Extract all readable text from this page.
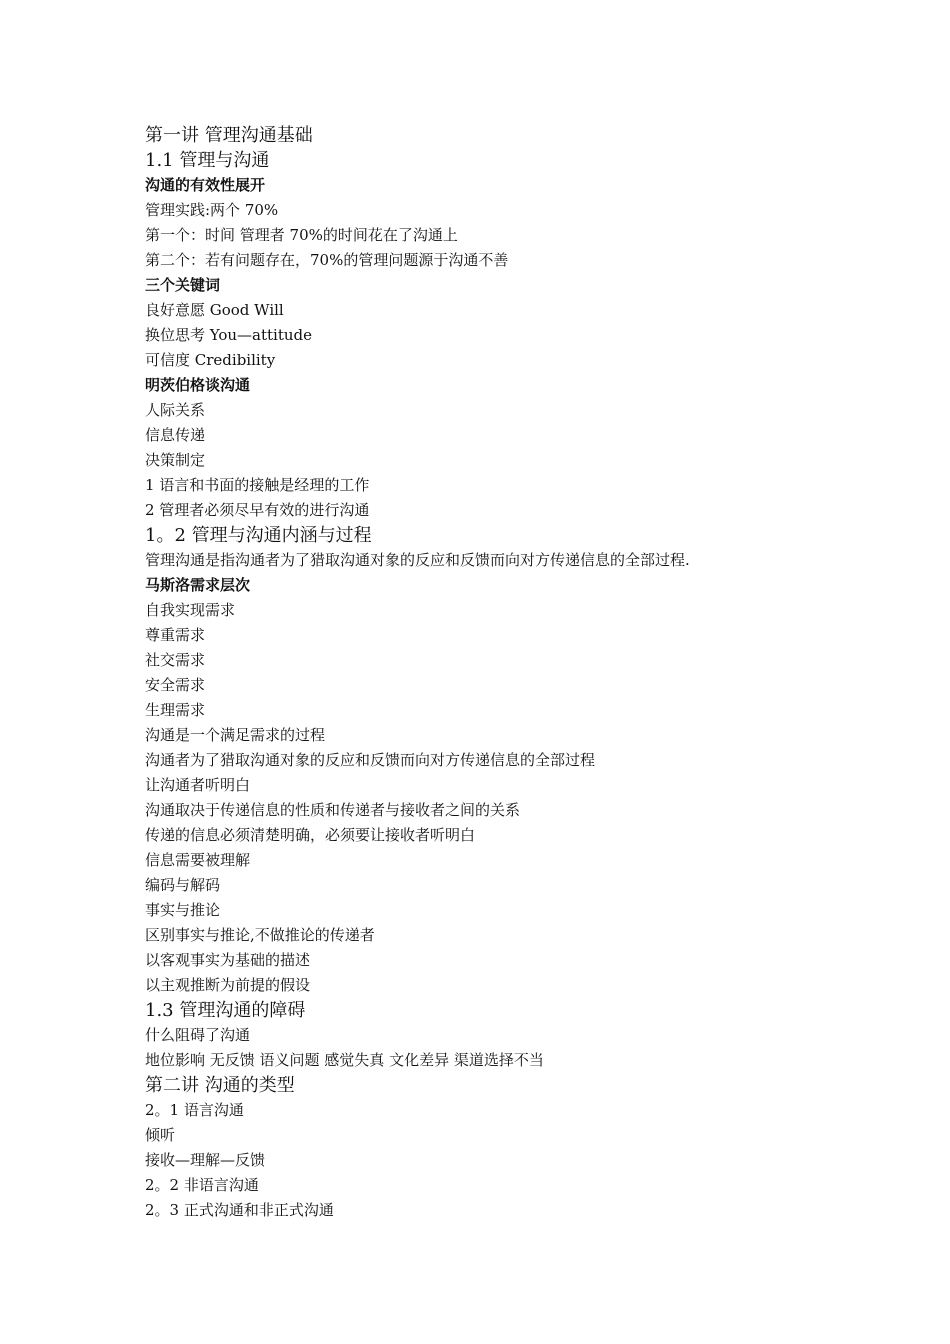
第一讲 管理沟通基础
1.1 管理与沟通
沟通的有效性展开
管理实践:两个 70%
第一个：时间 管理者 70%的时间花在了沟通上
第二个：若有问题存在，70%的管理问题源于沟通不善
三个关键词
良好意愿 Good Will
换位思考 You—attitude
可信度 Credibility
明茨伯格谈沟通
人际关系
信息传递
决策制定
1 语言和书面的接触是经理的工作
2 管理者必须尽早有效的进行沟通
1。2 管理与沟通内涵与过程
管理沟通是指沟通者为了猎取沟通对象的反应和反馈而向对方传递信息的全部过程.
马斯洛需求层次
自我实现需求
尊重需求
社交需求
安全需求
生理需求
沟通是一个满足需求的过程
沟通者为了猎取沟通对象的反应和反馈而向对方传递信息的全部过程
让沟通者听明白
沟通取决于传递信息的性质和传递者与接收者之间的关系
传递的信息必须清楚明确，必须要让接收者听明白
信息需要被理解
编码与解码
事实与推论
区别事实与推论,不做推论的传递者
以客观事实为基础的描述
以主观推断为前提的假设
1.3 管理沟通的障碍
什么阻碍了沟通
地位影响 无反馈 语义问题 感觉失真 文化差异 渠道选择不当
第二讲 沟通的类型
2。1 语言沟通
倾听
接收—理解—反馈
2。2 非语言沟通
2。3 正式沟通和非正式沟通
